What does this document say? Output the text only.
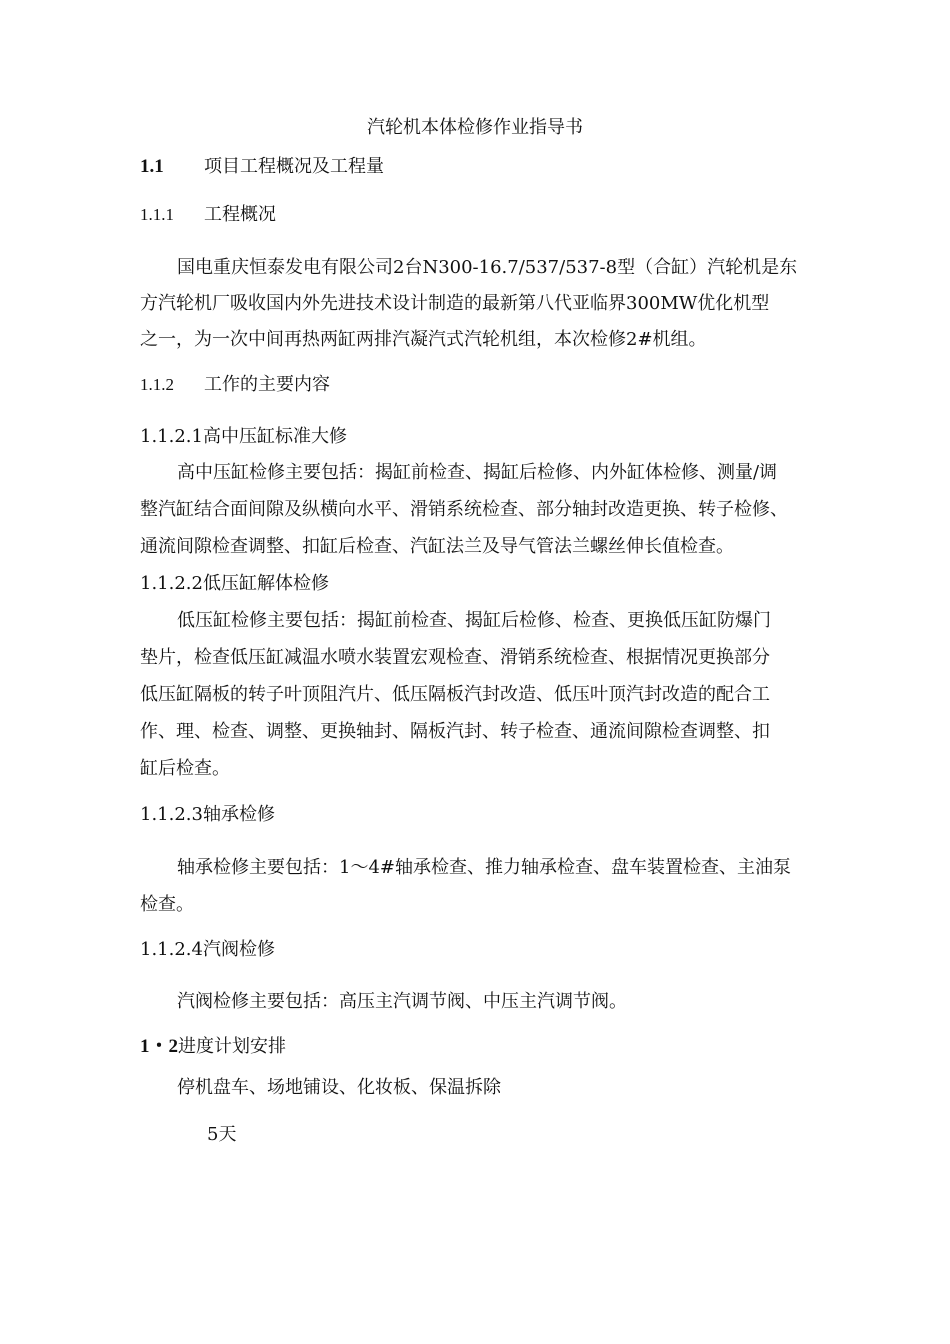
汽轮机本体检修作业指导书
1.1 项目工程概况及工程量
1.1.1 工程概况
国电重庆恒泰发电有限公司2台N300-16.7/537/537-8型（合缸）汽轮机是东
方汽轮机厂吸收国内外先进技术设计制造的最新第八代亚临界300MW优化机型
之一，为一次中间再热两缸两排汽凝汽式汽轮机组，本次检修2#机组。
1.1.2 工作的主要内容
1.1.2.1高中压缸标准大修
高中压缸检修主要包括：揭缸前检查、揭缸后检修、内外缸体检修、测量/调
整汽缸结合面间隙及纵横向水平、滑销系统检查、部分轴封改造更换、转子检修、
通流间隙检查调整、扣缸后检查、汽缸法兰及导气管法兰螺丝伸长值检查。
1.1.2.2低压缸解体检修
低压缸检修主要包括：揭缸前检查、揭缸后检修、检查、更换低压缸防爆门
垫片，检查低压缸减温水喷水装置宏观检查、滑销系统检查、根据情况更换部分
低压缸隔板的转子叶顶阻汽片、低压隔板汽封改造、低压叶顶汽封改造的配合工
作、理、检查、调整、更换轴封、隔板汽封、转子检查、通流间隙检查调整、扣
缸后检查。
1.1.2.3轴承检修
轴承检修主要包括：1〜4#轴承检查、推力轴承检查、盘车装置检查、主油泵
检查。
1.1.2.4汽阀检修
汽阀检修主要包括：高压主汽调节阀、中压主汽调节阀。
1・2进度计划安排
停机盘车、场地铺设、化妆板、保温拆除
5天
